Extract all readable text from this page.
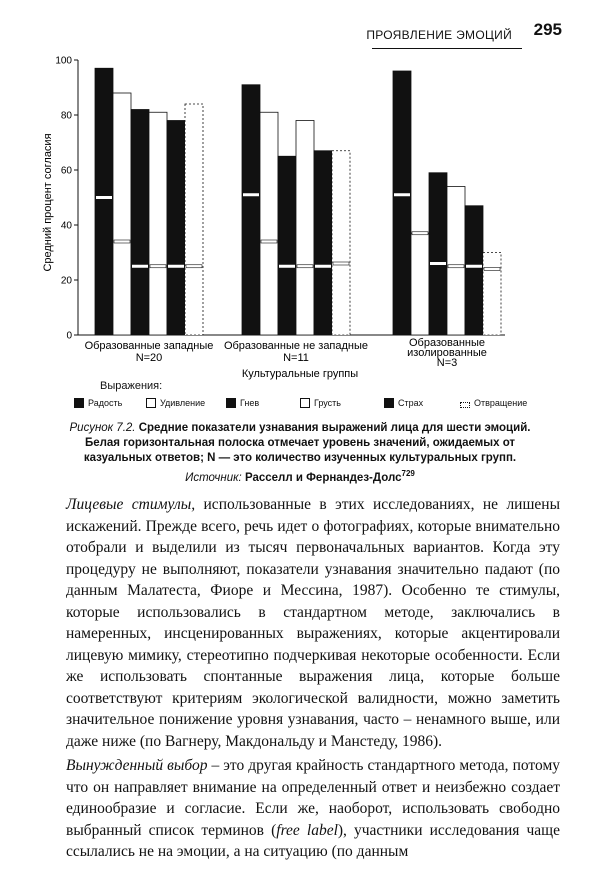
ПРОЯВЛЕНИЕ ЭМОЦИЙ 295
0
20
40
60
80
100
Средний процент согласия
Культуральные группы
Образованные западные
N=20
Образованные не западные
N=11
Образованные
изолированные
N=3
Выражения:
Радость	Удивление	Гнев	Грусть	Страх	Отвращение
Рисунок 7.2. Средние показатели узнавания выражений лица для шести эмоций. Белая горизонтальная полоска отмечает уровень значений, ожидаемых от казуальных ответов; N — это количество изученных культуральных групп.
Источник: Расселл и Фернандез-Долс$^{729}$

Лицевые стимулы, использованные в этих исследованиях, не лишены искажений. Прежде всего, речь идет о фотографиях, которые внимательно отобрали и выделили из тысяч первоначальных вариантов. Когда эту процедуру не выполняют, показатели узнавания значительно падают (по данным Малатеста, Фиоре и Мессина, 1987). Особенно те стимулы, которые использовались в стандартном методе, заключались в намеренных, инсценированных выражениях, которые акцентировали лицевую мимику, стереотипно подчеркивая некоторые особенности. Если же использовать спонтанные выражения лица, которые больше соответствуют критериям экологической валидности, можно заметить значительное понижение уровня узнавания, часто – ненамного выше, или даже ниже (по Вагнеру, Макдональду и Манстеду, 1986).

Вынужденный выбор – это другая крайность стандартного метода, потому что он направляет внимание на определенный ответ и неизбежно создает единообразие и согласие. Если же, наоборот, использовать свободно выбранный список терминов (free label), участники исследования чаще ссылались не на эмоции, а на ситуацию (по данным
